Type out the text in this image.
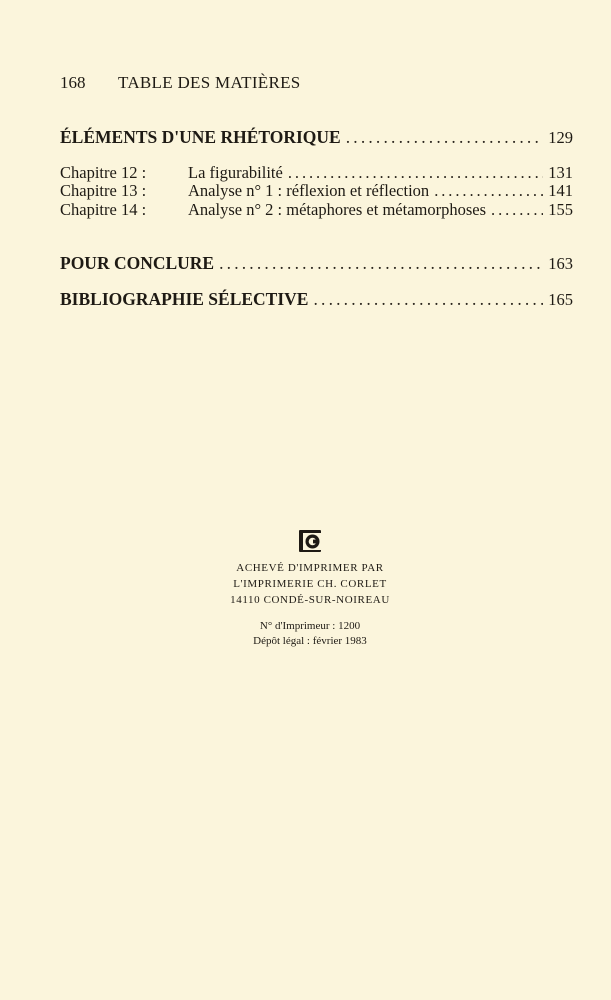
168 TABLE DES MATIÈRES
ÉLÉMENTS D'UNE RHÉTORIQUE . . .	129
Chapitre 12 :	La figurabilité . . .	131
Chapitre 13 :	Analyse n° 1 : réflexion et réflection . . .	141
Chapitre 14 :	Analyse n° 2 : métaphores et métamorphoses . . .	155
POUR CONCLURE . . .	163
BIBLIOGRAPHIE SÉLECTIVE . . .	165
ACHEVÉ D'IMPRIMER PAR
L'IMPRIMERIE CH. CORLET
14110 CONDÉ-SUR-NOIREAU
N° d'Imprimeur : 1200
Dépôt légal : février 1983
